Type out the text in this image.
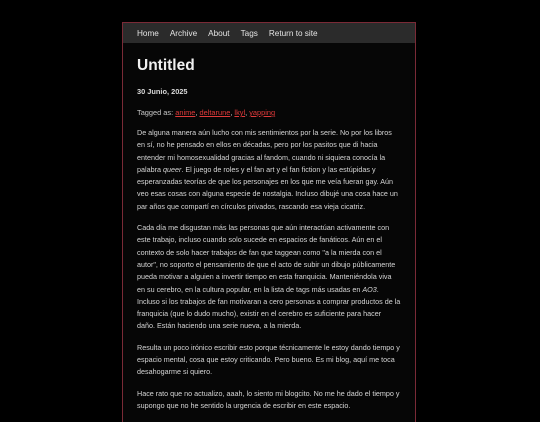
Home Archive About Tags Return to site
Untitled
30 Junio, 2025
Tagged as: anime, deltarune, lkyl, yapping

De alguna manera aún lucho con mis sentimientos por la serie. No por los libros en sí, no he pensado en ellos en décadas, pero por los pasitos que di hacia entender mi homosexualidad gracias al fandom, cuando ni siquiera conocía la palabra queer. El juego de roles y el fan art y el fan fiction y las estúpidas y esperanzadas teorías de que los personajes en los que me veía fueran gay. Aún veo esas cosas con alguna especie de nostalgia. Incluso dibujé una cosa hace un par años que compartí en círculos privados, rascando esa vieja cicatriz.

Cada día me disgustan más las personas que aún interactúan activamente con este trabajo, incluso cuando solo sucede en espacios de fanáticos. Aún en el contexto de solo hacer trabajos de fan que taggean como "a la mierda con el autor", no soporto el pensamiento de que el acto de subir un dibujo públicamente pueda motivar a alguien a invertir tiempo en esta franquicia. Manteniéndola viva en su cerebro, en la cultura popular, en la lista de tags más usadas en AO3. Incluso si los trabajos de fan motivaran a cero personas a comprar productos de la franquicia (que lo dudo mucho), existir en el cerebro es suficiente para hacer daño. Están haciendo una serie nueva, a la mierda.

Resulta un poco irónico escribir esto porque técnicamente le estoy dando tiempo y espacio mental, cosa que estoy criticando. Pero bueno. Es mi blog, aquí me toca desahogarme si quiero.

Hace rato que no actualizo, aaah, lo siento mi blogcito. No me he dado el tiempo y supongo que no he sentido la urgencia de escribir en este espacio.
